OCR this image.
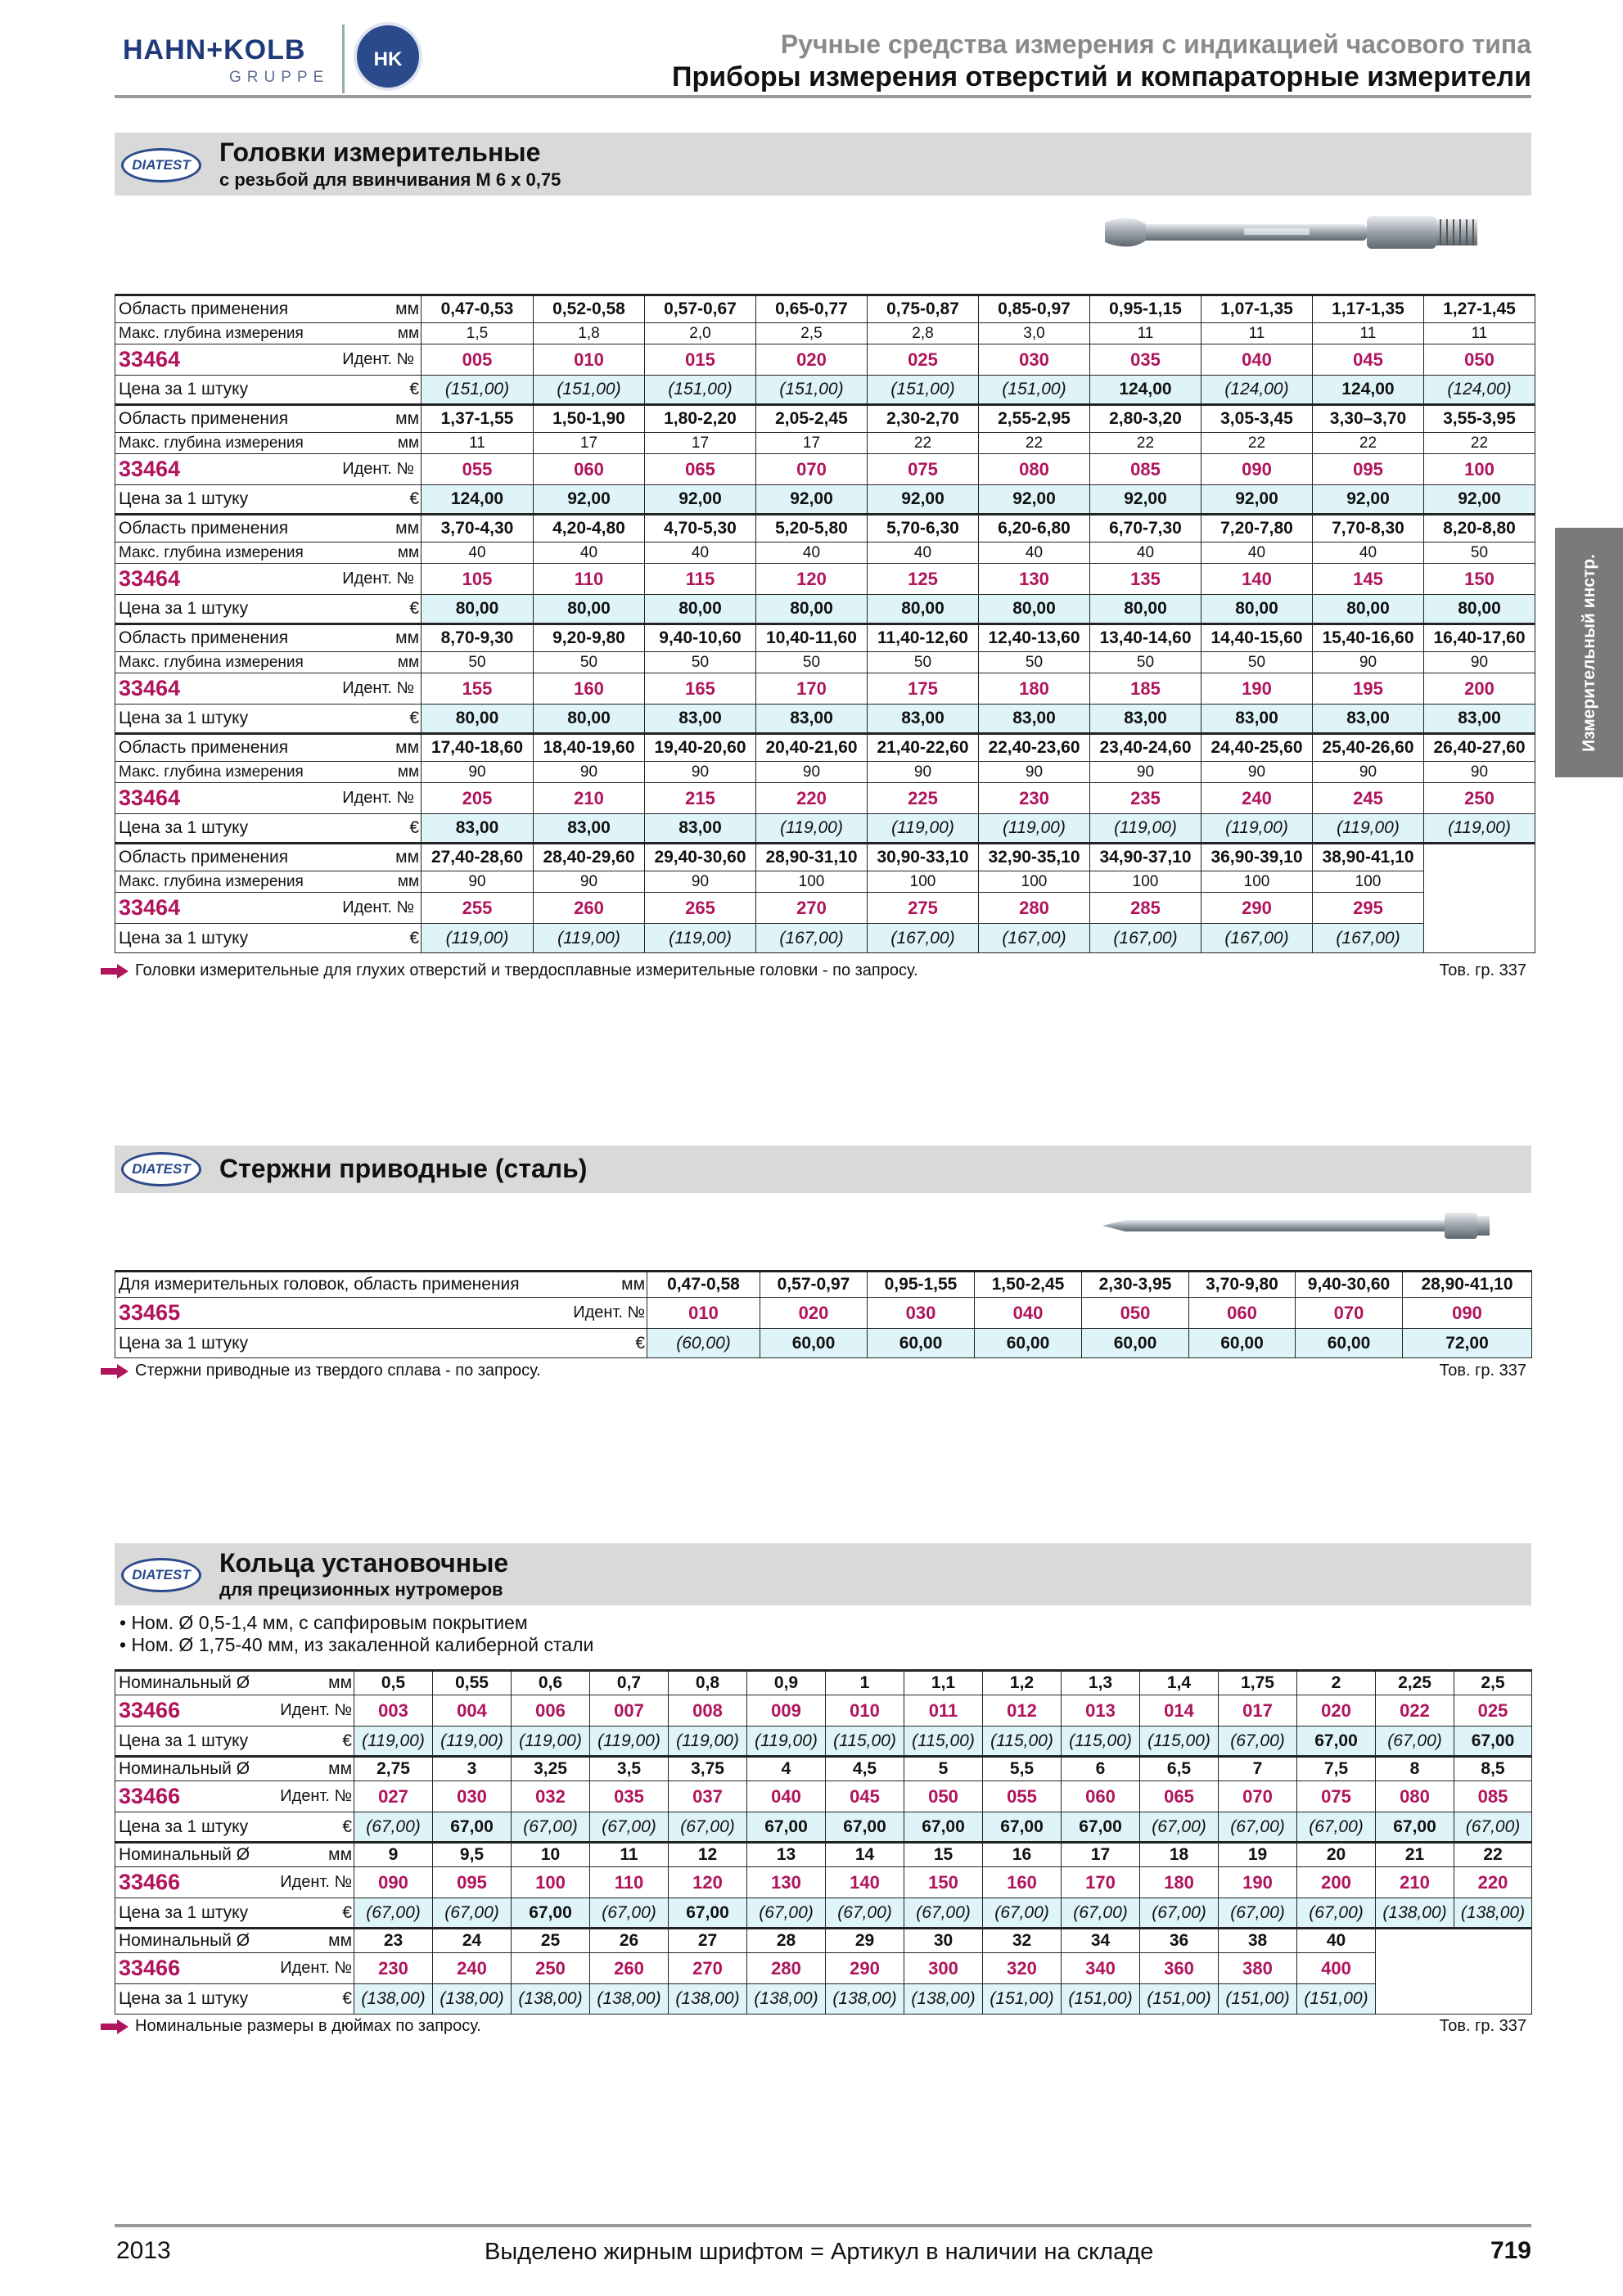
HAHN+KOLB
GRUPPE
HK
Ручные средства измерения с индикацией часового типа
Приборы измерения отверстий и компараторные измерители
Измерительный инстр.
DIATEST	Головки измерительные
с резьбой для ввинчивания М 6 x 0,75
Область применения мм	0,47-0,53	0,52-0,58	0,57-0,67	0,65-0,77	0,75-0,87	0,85-0,97	0,95-1,15	1,07-1,35	1,17-1,35	1,27-1,45

Макс. глубина измерения мм	1,5	1,8	2,0	2,5	2,8	3,0	11	11	11	11

33464 Идент. №	005	010	015	020	025	030	035	040	045	050

Цена за 1 штуку €	(151,00)	(151,00)	(151,00)	(151,00)	(151,00)	(151,00)	124,00	(124,00)	124,00	(124,00)

Область применения мм	1,37-1,55	1,50-1,90	1,80-2,20	2,05-2,45	2,30-2,70	2,55-2,95	2,80-3,20	3,05-3,45	3,30–3,70	3,55-3,95

Макс. глубина измерения мм	11	17	17	17	22	22	22	22	22	22

33464 Идент. №	055	060	065	070	075	080	085	090	095	100

Цена за 1 штуку €	124,00	92,00	92,00	92,00	92,00	92,00	92,00	92,00	92,00	92,00

Область применения мм	3,70-4,30	4,20-4,80	4,70-5,30	5,20-5,80	5,70-6,30	6,20-6,80	6,70-7,30	7,20-7,80	7,70-8,30	8,20-8,80

Макс. глубина измерения мм	40	40	40	40	40	40	40	40	40	50

33464 Идент. №	105	110	115	120	125	130	135	140	145	150

Цена за 1 штуку €	80,00	80,00	80,00	80,00	80,00	80,00	80,00	80,00	80,00	80,00

Область применения мм	8,70-9,30	9,20-9,80	9,40-10,60	10,40-11,60	11,40-12,60	12,40-13,60	13,40-14,60	14,40-15,60	15,40-16,60	16,40-17,60

Макс. глубина измерения мм	50	50	50	50	50	50	50	50	90	90

33464 Идент. №	155	160	165	170	175	180	185	190	195	200

Цена за 1 штуку €	80,00	80,00	83,00	83,00	83,00	83,00	83,00	83,00	83,00	83,00

Область применения мм	17,40-18,60	18,40-19,60	19,40-20,60	20,40-21,60	21,40-22,60	22,40-23,60	23,40-24,60	24,40-25,60	25,40-26,60	26,40-27,60

Макс. глубина измерения мм	90	90	90	90	90	90	90	90	90	90

33464 Идент. №	205	210	215	220	225	230	235	240	245	250

Цена за 1 штуку €	83,00	83,00	83,00	(119,00)	(119,00)	(119,00)	(119,00)	(119,00)	(119,00)	(119,00)

Область применения мм	27,40-28,60	28,40-29,60	29,40-30,60	28,90-31,10	30,90-33,10	32,90-35,10	34,90-37,10	36,90-39,10	38,90-41,10	

Макс. глубина измерения мм	90	90	90	100	100	100	100	100	100	

33464 Идент. №	255	260	265	270	275	280	285	290	295	

Цена за 1 штуку €	(119,00)	(119,00)	(119,00)	(167,00)	(167,00)	(167,00)	(167,00)	(167,00)	(167,00)	
Головки измерительные для глухих отверстий и твердосплавные измерительные головки - по запросу.	Тов. гр. 337
DIATEST	Стержни приводные (сталь)
Для измерительных головок, область применения мм	0,47-0,58	0,57-0,97	0,95-1,55	1,50-2,45	2,30-3,95	3,70-9,80	9,40-30,60	28,90-41,10

33465 Идент. №	010	020	030	040	050	060	070	090

Цена за 1 штуку €	(60,00)	60,00	60,00	60,00	60,00	60,00	60,00	72,00
Стержни приводные из твердого сплава - по запросу.	Тов. гр. 337
DIATEST	Кольца установочные
для прецизионных нутромеров
• Ном. Ø 0,5-1,4 мм, с сапфировым покрытием
• Ном. Ø 1,75-40 мм, из закаленной калиберной стали
Номинальный Ø мм	0,5	0,55	0,6	0,7	0,8	0,9	1	1,1	1,2	1,3	1,4	1,75	2	2,25	2,5

33466 Идент. №	003	004	006	007	008	009	010	011	012	013	014	017	020	022	025

Цена за 1 штуку €	(119,00)	(119,00)	(119,00)	(119,00)	(119,00)	(119,00)	(115,00)	(115,00)	(115,00)	(115,00)	(115,00)	(67,00)	67,00	(67,00)	67,00

Номинальный Ø мм	2,75	3	3,25	3,5	3,75	4	4,5	5	5,5	6	6,5	7	7,5	8	8,5

33466 Идент. №	027	030	032	035	037	040	045	050	055	060	065	070	075	080	085

Цена за 1 штуку €	(67,00)	67,00	(67,00)	(67,00)	(67,00)	67,00	67,00	67,00	67,00	67,00	(67,00)	(67,00)	(67,00)	67,00	(67,00)

Номинальный Ø мм	9	9,5	10	11	12	13	14	15	16	17	18	19	20	21	22

33466 Идент. №	090	095	100	110	120	130	140	150	160	170	180	190	200	210	220

Цена за 1 штуку €	(67,00)	(67,00)	67,00	(67,00)	67,00	(67,00)	(67,00)	(67,00)	(67,00)	(67,00)	(67,00)	(67,00)	(67,00)	(138,00)	(138,00)

Номинальный Ø мм	23	24	25	26	27	28	29	30	32	34	36	38	40		

33466 Идент. №	230	240	250	260	270	280	290	300	320	340	360	380	400		

Цена за 1 штуку €	(138,00)	(138,00)	(138,00)	(138,00)	(138,00)	(138,00)	(138,00)	(138,00)	(151,00)	(151,00)	(151,00)	(151,00)	(151,00)		
Номинальные размеры в дюймах по запросу.	Тов. гр. 337
2013	Выделено жирным шрифтом = Артикул в наличии на складе	719
